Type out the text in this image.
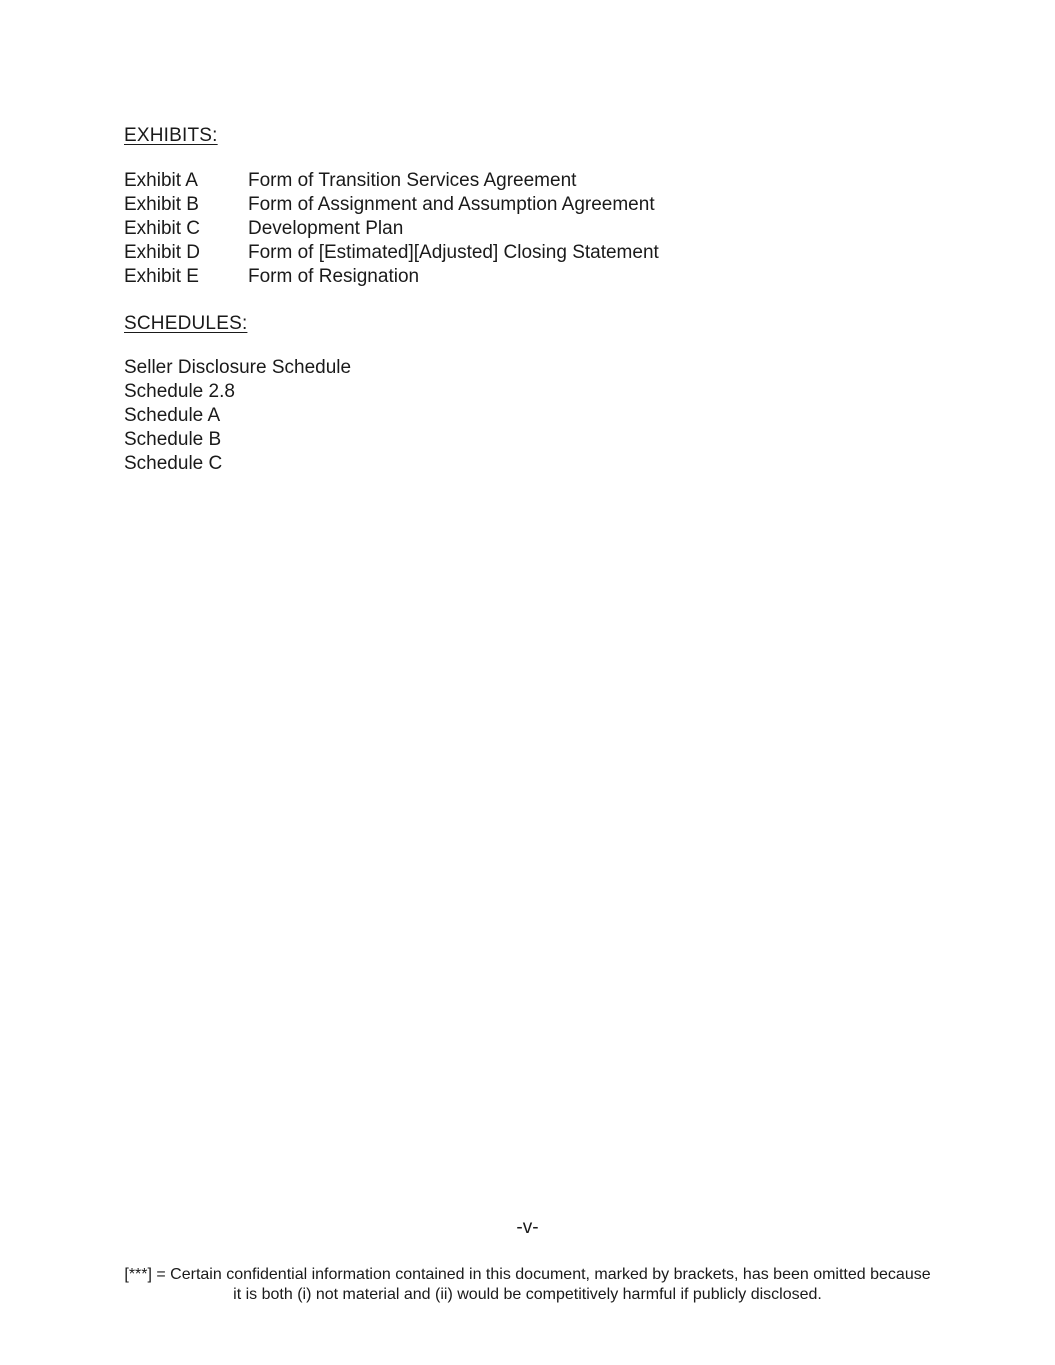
EXHIBITS:
Exhibit A	Form of Transition Services Agreement
Exhibit B	Form of Assignment and Assumption Agreement
Exhibit C	Development Plan
Exhibit D	Form of [Estimated][Adjusted] Closing Statement
Exhibit E	Form of Resignation
SCHEDULES:
Seller Disclosure Schedule
Schedule 2.8
Schedule A
Schedule B
Schedule C
-v-
[***] = Certain confidential information contained in this document, marked by brackets, has been omitted because
it is both (i) not material and (ii) would be competitively harmful if publicly disclosed.
